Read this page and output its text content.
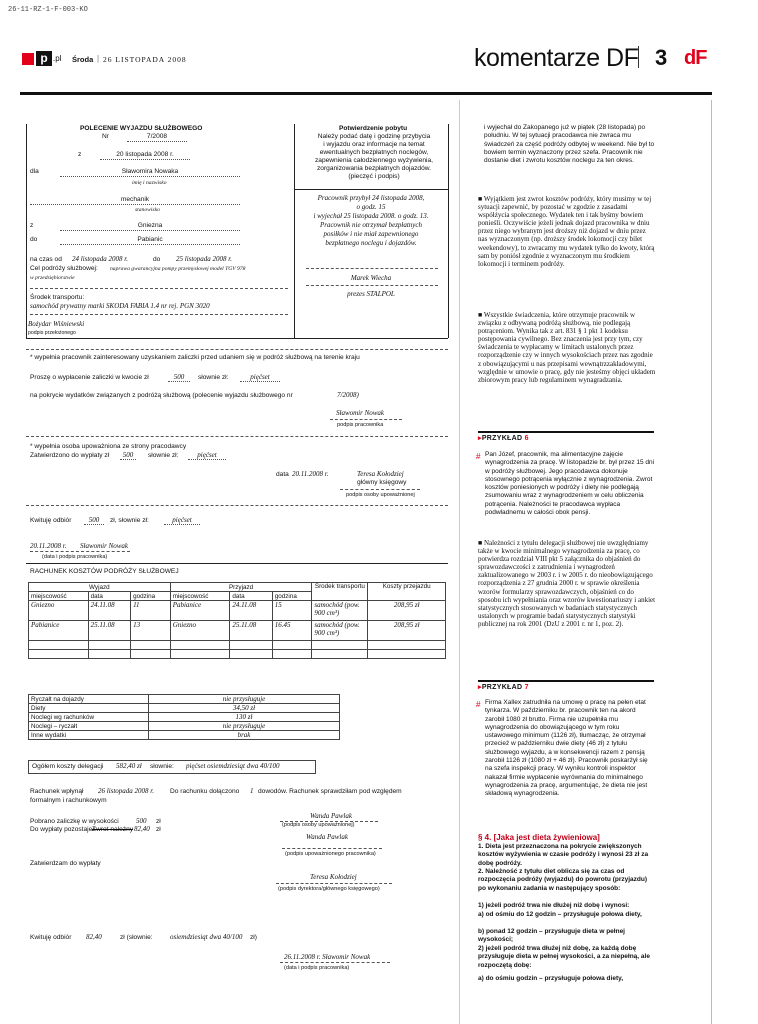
26-11-RZ-1-F-003-KO
p .pl Środa | 26 LISTOPADA 2008	komentarze DF 3 dF
POLECENIE WYJAZDU SŁUŻBOWEGO
Nr	7/2008
z	20 listopada 2008 r.
dla	Sławomira Nowaka
imię i nazwisko
mechanik
stanowisko
z	Gniezna
do	Pabianic
na czas od 24 listopada 2008 r.	do 25 listopada 2008 r.
Cel podróży służbowej: naprawa gwarancyjna pompy przemysłowej model TGV 978
w przedsiębiorstwie
Środek transportu:
samochód prywatny marki SKODA FABIA 1.4 nr rej. PGN 3020
Bożydar Wiśniewski
podpis przełożonego
Potwierdzenie pobytu
Należy podać datę i godzinę przybycia
i wyjazdu oraz informacje na temat
ewentualnych bezpłatnych noclegów,
zapewnienia całodziennego wyżywienia,
zorganizowania bezpłatnych dojazdów.
(pieczęć i podpis)
Pracownik przybył 24 listopada 2008,
o godz. 15
i wyjechał 25 listopada 2008. o godz. 13.
Pracownik nie otrzymał bezpłatnych
posiłków i nie miał zapewnionego
bezpłatnego noclegu i dojazdów.
Marek Wiecha
prezes STALPOL
* wypełnia pracownik zainteresowany uzyskaniem zaliczki przed udaniem się w podróż służbową na terenie kraju
Proszę o wypłacenie zaliczki w kwocie zł	500	słownie zł:	pięćset
na pokrycie wydatków związanych z podróżą służbową (polecenie wyjazdu służbowego nr	7/2008)
Sławomir Nowak
podpis pracownika
* wypełnia osoba upoważniona ze strony pracodawcy
Zatwierdzono do wypłaty zł	500	słownie zł:	pięćset
data 20.11.2008 r.	Teresa Kołodziej
główny księgowy
podpis osoby upoważnionej
Kwituję odbiór	500	zł, słownie zł:	pięćset
20.11.2008 r. Sławomir Nowak
(data i podpis pracownika)
RACHUNEK KOSZTÓW PODRÓŻY SŁUŻBOWEJ
Wyjazd			Przyjazd			Środek transportu	Koszty przejazdu
miejscowość	data	godzina	miejscowość	data	godzina		
Gniezno	24.11.08	11	Pabianice	24.11.08	15	samochód (pow. 900 cm³)	208,95 zł
Pabianice	25.11.08	13	Gniezno	25.11.08	16.45	samochód (pow. 900 cm³)	208,95 zł

Ryczałt na dojazdy	nie przysługuje
Diety	34,50 zł
Noclegi wg rachunków	130 zł
Noclegi – ryczałt	nie przysługuje
Inne wydatki	brak
Ogółem koszty delegacji 582,40 zł słownie: pięćset osiemdziesiąt dwa 40/100
Rachunek wpłynął 26 listopada 2008 r. Do rachunku dołączono 1 dowodów. Rachunek sprawdziłam pod względem
formalnym i rachunkowym
Wanda Pawlak
(podpis osoby upoważnionej)
Pobrano zaliczkę w wysokości 500 zł
Do wypłaty pozostaje/
Zwrot należny 82,40 zł
Wanda Pawlak
(podpis upoważnionego pracownika)
Zatwierdzam do wypłaty
Teresa Kołodziej
(podpis dyrektora/głównego księgowego)
Kwituję odbiór 82,40	zł (słownie: osiemdziesiąt dwa 40/100 zł)
26.11.2008 r. Sławomir Nowak
(data i podpis pracownika)
i wyjechał do Zakopanego już w piątek (28 listopada) po południu. W tej sytuacji pracodawca nie zwraca mu świadczeń za część podróży odbytej w weekend. Nie był to bowiem termin wyznaczony przez szefa. Pracownik nie dostanie diet i zwrotu kosztów noclegu za ten okres.
■ Wyjątkiem jest zwrot kosztów podróży, który musimy w tej sytuacji zapewnić, by pozostać w zgodzie z zasadami współżycia społecznego. Wydatek ten i tak byśmy bowiem ponieśli. Oczywiście jeżeli jednak dojazd pracownika w dniu przez niego wybranym jest droższy niż dojazd w dniu przez nas wyznaczonym (np. droższy środek lokomocji czy bilet weekendowy), to zwracamy mu wydatek tylko do kwoty, którą sam by poniósł zgodnie z wyznaczonym mu środkiem lokomocji i terminem podróży.
■ Wszystkie świadczenia, które otrzymuje pracownik w związku z odbywaną podróżą służbową, nie podlegają potrąceniom. Wynika tak z art. 831 § 1 pkt 1 kodeksu postępowania cywilnego. Bez znaczenia jest przy tym, czy świadczenia te wypłacamy w limitach ustalonych przez rozporządzenie czy w innych wysokościach przez nas zgodnie z obowiązującymi u nas przepisami wewnątrzzakładowymi, względnie w umowie o pracę, gdy nie jesteśmy objęci układem zbiorowym pracy lub regulaminem wynagradzania.
▸PRZYKŁAD 6
# Pan Józef, pracownik, ma alimentacyjne zajęcie wynagrodzenia za pracę. W listopadzie br. był przez 15 dni w podróży służbowej. Jego pracodawca dokonuje stosownego potrącenia wyłącznie z wynagrodzenia. Zwrot kosztów poniesionych w podróży i diety nie podlegają zsumowaniu wraz z wynagrodzeniem w celu obliczenia potrącenia. Należności te pracodawca wypłaca podwładnemu w całości obok pensji.
■ Należności z tytułu delegacji służbowej nie uwzględniamy także w kwocie minimalnego wynagrodzenia za pracę, co potwierdza rozdział VIII pkt 5 załącznika do objaśnień do sprawozdawczości z zatrudnienia i wynagrodzeń zaktualizowanego w 2003 r. i w 2005 r. do nieobowiązującego rozporządzenia z 27 grudnia 2000 r. w sprawie określenia wzorów formularzy sprawozdawczych, objaśnień co do sposobu ich wypełniania oraz wzorów kwestionariuszy i ankiet statystycznych stosowanych w badaniach statystycznych ustalonych w programie badań statystycznych statystyki publicznej na rok 2001 (DzU z 2001 r. nr 1, poz. 2).
▸PRZYKŁAD 7
# Firma Xallex zatrudniła na umowę o pracę na pełen etat tynkarza. W październiku br. pracownik ten na akord zarobił 1080 zł brutto. Firma nie uzupełniła mu wynagrodzenia do obowiązującego w tym roku ustawowego minimum (1126 zł), tłumacząc, że otrzymał przecież w październiku dwie diety (46 zł) z tytułu służbowego wyjazdu, a w konsekwencji razem z pensją zarobił 1126 zł (1080 zł + 46 zł). Pracownik poskarżył się na szefa inspekcji pracy. W wyniku kontroli inspektor nakazał firmie wypłacenie wyrównania do minimalnego wynagrodzenia za pracę, argumentując, że dieta nie jest składową wynagrodzenia.
§ 4. [Jaka jest dieta żywieniowa]
1. Dieta jest przeznaczona na pokrycie zwiększonych kosztów wyżywienia w czasie podróży i wynosi 23 zł za dobę podróży.
2. Należność z tytułu diet oblicza się za czas od rozpoczęcia podróży (wyjazdu) do powrotu (przyjazdu) po wykonaniu zadania w następujący sposób:
1) jeżeli podróż trwa nie dłużej niż dobę i wynosi:
a) od ośmiu do 12 godzin – przysługuje połowa diety,
b) ponad 12 godzin – przysługuje dieta w pełnej wysokości;
2) jeżeli podróż trwa dłużej niż dobę, za każdą dobę przysługuje dieta w pełnej wysokości, a za niepełną, ale rozpoczętą dobę:
a) do ośmiu godzin – przysługuje połowa diety,
